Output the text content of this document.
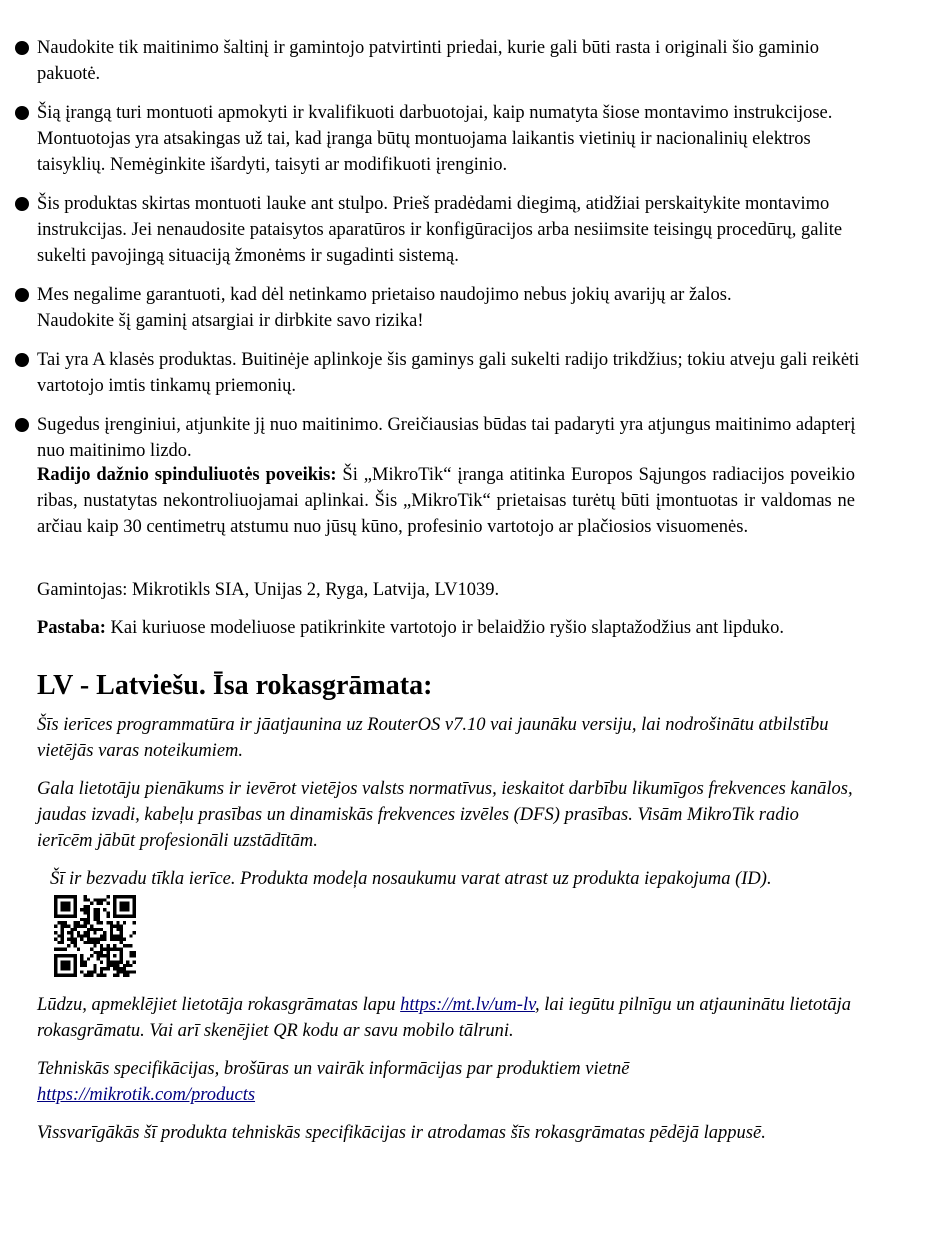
Naudokite tik maitinimo šaltinį ir gamintojo patvirtinti priedai, kurie gali būti rasta i originali šio gaminio pakuotė.
Šią įrangą turi montuoti apmokyti ir kvalifikuoti darbuotojai, kaip numatyta šiose montavimo instrukcijose. Montuotojas yra atsakingas už tai, kad įranga būtų montuojama laikantis vietinių ir nacionalinių elektros taisyklių. Nemėginkite išardyti, taisyti ar modifikuoti įrenginio.
Šis produktas skirtas montuoti lauke ant stulpo. Prieš pradėdami diegimą, atidžiai perskaitykite montavimo instrukcijas. Jei nenaudosite pataisytos aparatūros ir konfigūracijos arba nesiimsite teisingų procedūrų, galite sukelti pavojingą situaciją žmonėms ir sugadinti sistemą.
Mes negalime garantuoti, kad dėl netinkamo prietaiso naudojimo nebus jokių avarijų ar žalos. Naudokite šį gaminį atsargiai ir dirbkite savo rizika!
Tai yra A klasės produktas. Buitinėje aplinkoje šis gaminys gali sukelti radijo trikdžius; tokiu atveju gali reikėti vartotojo imtis tinkamų priemonių.
Sugedus įrenginiui, atjunkite jį nuo maitinimo. Greičiausias būdas tai padaryti yra atjungus maitinimo adapterį nuo maitinimo lizdo.
Radijo dažnio spinduliuotės poveikis: Ši „MikroTik“ įranga atitinka Europos Sąjungos radiacijos poveikio ribas, nustatytas nekontroliuojamai aplinkai. Šis „MikroTik“ prietaisas turėtų būti įmontuotas ir valdomas ne arčiau kaip 30 centimetrų atstumu nuo jūsų kūno, profesinio vartotojo ar plačiosios visuomenės.
Gamintojas: Mikrotikls SIA, Unijas 2, Ryga, Latvija, LV1039.
Pastaba: Kai kuriuose modeliuose patikrinkite vartotojo ir belaidžio ryšio slaptažodžius ant lipduko.
LV - Latviešu. Īsa rokasgrāmata:
Šīs ierīces programmatūra ir jāatjaunina uz RouterOS v7.10 vai jaunāku versiju, lai nodrošinātu atbilstību vietējās varas noteikumiem.
Gala lietotāju pienākums ir ievērot vietējos valsts normatīvus, ieskaitot darbību likumīgos frekvences kanālos, jaudas izvadi, kabeļu prasības un dinamiskās frekvences izvēles (DFS) prasības. Visām MikroTik radio ierīcēm jābūt profesionāli uzstādītām.
Šī ir bezvadu tīkla ierīce. Produkta modeļa nosaukumu varat atrast uz produkta iepakojuma (ID).
Lūdzu, apmeklējiet lietotāja rokasgrāmatas lapu https://mt.lv/um-lv, lai iegūtu pilnīgu un atjauninātu lietotāja rokasgrāmatu. Vai arī skenējiet QR kodu ar savu mobilo tālruni.
Tehniskās specifikācijas, brošūras un vairāk informācijas par produktiem vietnē https://mikrotik.com/products
Vissvarīgākās šī produkta tehniskās specifikācijas ir atrodamas šīs rokasgrāmatas pēdējā lappusē.
